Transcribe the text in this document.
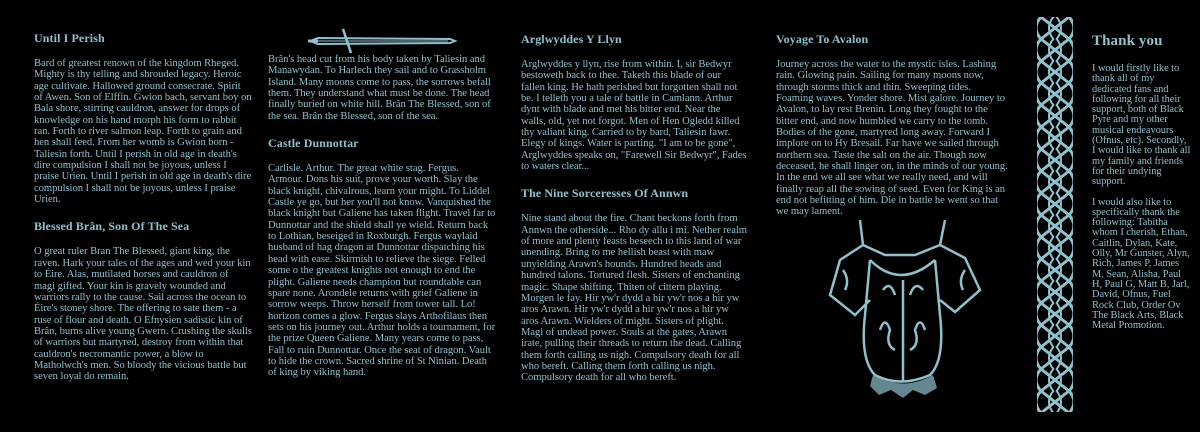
Until I Perish
Bard of greatest renown of the kingdom Rheged. Mighty is thy telling and shrouded legacy. Heroic age cultivate. Hallowed ground consecrate. Spirit of Awen. Son of Elffin. Gwion bach, servant boy on Bala shore, stirring cauldron, answer for drops of knowledge on his hand morph his form to rabbit ran. Forth to river salmon leap. Forth to grain and hen shall feed. From her womb is Gwion born - Taliesin forth. Until I perish in old age in death's dire compulsion I shall not be joyous, unless I praise Urien. Until I perish in old age in death's dire compulsion I shall not be joyous, unless I praise Urien.
Blessed Brân, Son Of The Sea
O great ruler Bran The Blessed, giant king, the raven. Hark your tales of the ages and wed your kin to Éire. Alas, mutilated horses and cauldron of magi gifted. Your kin is gravely wounded and warriors rally to the cause. Sail across the ocean to Éire's stoney shore. The offering to sate them - a ruse of flour and death. O Efnysien sadistic kin of Brân, burns alive young Gwern. Crushing the skulls of warriors but martyred, destroy from within that cauldron's necromantic power, a blow to Matholwch's men. So bloody the vicious battle but seven loyal do remain.
Brân's head cut from his body taken by Taliesin and Manawydan. To Harlech they sail and to Grassholm Island. Many moons come to pass, the sorrows befall them. They understand what must be done. The head finally buried on white hill. Brân The Blessed, son of the sea. Brân the Blessed, son of the sea.
Castle Dunnottar
Carlisle. Arthur. The great white stag. Fergus. Armour. Dons his suit, prove your worth. Slay the black knight, chivalrous, learn your might. To Liddel Castle ye go, but her you'll not know. Vanquished the black knight but Galiene has taken flight. Travel far to Dunnottar and the shield shall ye wield. Return back to Lothian, beseiged in Roxburgh. Fergus waylaid husband of hag dragon at Dunnottar dispatching his head with ease. Skirmish to relieve the siege. Felled some o the greatest knights not enough to end the plight. Galiene needs champion but roundtable can spare none. Arondele returns with grief Galiene in sorrow weeps. Throw herself from tower tall. Lo! horizon comes a glow. Fergus slays Arthofilaus then sets on his journey out. Arthur holds a tournament, for the prize Queen Galiene. Many years come to pass, Fall to ruin Dunnottar. Once the seat of dragon. Vault to hide the crown. Sacred shrine of St Ninian. Death of king by viking hand.
Arglwyddes Y Llyn
Arglwyddes y llyn, rise from within. I, sir Bedwyr bestoweth back to thee. Taketh this blade of our fallen king. He hath perished but forgotten shall not be. I telleth you a tale of battle in Camlann. Arthur dynt with blade and met his bitter end. Near the walls, old, yet not forgot. Men of Hen Ogledd killed thy valiant king. Carried to by bard, Taliesin fawr. Elegy of kings. Water is parting. "I am to be gone", Arglwyddes speaks on, "Farewell Sir Bedwyr", Fades to waters clear...
The Nine Sorceresses Of Annwn
Nine stand about the fire. Chant beckons forth from Annwn the otherside... Rho dy allu i mi. Nether realm of more and plenty feasts beseech to this land of war unending. Bring to me hellish beast with maw unyielding Arawn's hounds. Hundred heads and hundred talons. Tortured flesh. Sisters of enchanting magic. Shape shifting. Thiten of cittern playing. Morgen le fay. Hir yw'r dydd a hir yw'r nos a hir yw aros Arawn. Hir yw'r dydd a hir yw'r nos a hir yw aros Arawn. Wielders of might. Sisters of plight. Magi of undead power. Souls at the gates, Arawn irate, pulling their threads to return the dead. Calling them forth calling us nigh. Compulsory death for all who bereft. Calling them forth calling us nigh. Compulsory death for all who bereft.
Voyage To Avalon
Journey across the water to the mystic isles. Lashing rain. Glowing pain. Sailing for many moons now, through storms thick and thin. Sweeping tides. Foaming waves. Yonder shore. Mist galore. Journey to Avalon, to lay rest Brenin. Long they fought to the bitter end, and now humbled we carry to the tomb. Bodies of the gone, martyred long away. Forward I implore on to Hy Bresail. Far have we sailed through northern sea. Taste the salt on the air. Though now deceased, he shall linger on, in the minds of our young. In the end we all see what we really need, and will finally reap all the sowing of seed. Even for King is an end not befitting of him. Die in battle he went so that we may lament.
Thank you
I would firstly like to thank all of my dedicated fans and following for all their support, both of Black Pyre and my other musical endeavours (Ofnus, etc). Secondly, I would like to thank all my family and friends for their undying support.
I would also like to specifically thank the following: Tabitha whom I cherish, Ethan, Caitlin, Dylan, Kate, Olly, Mr Gunster, Alyn, Rich, James P, James M, Sean, Alisha, Paul H, Paul G, Matt B, Jarl, David, Ofnus, Fuel Rock Club, Order Ov The Black Arts, Black Metal Promotion.
